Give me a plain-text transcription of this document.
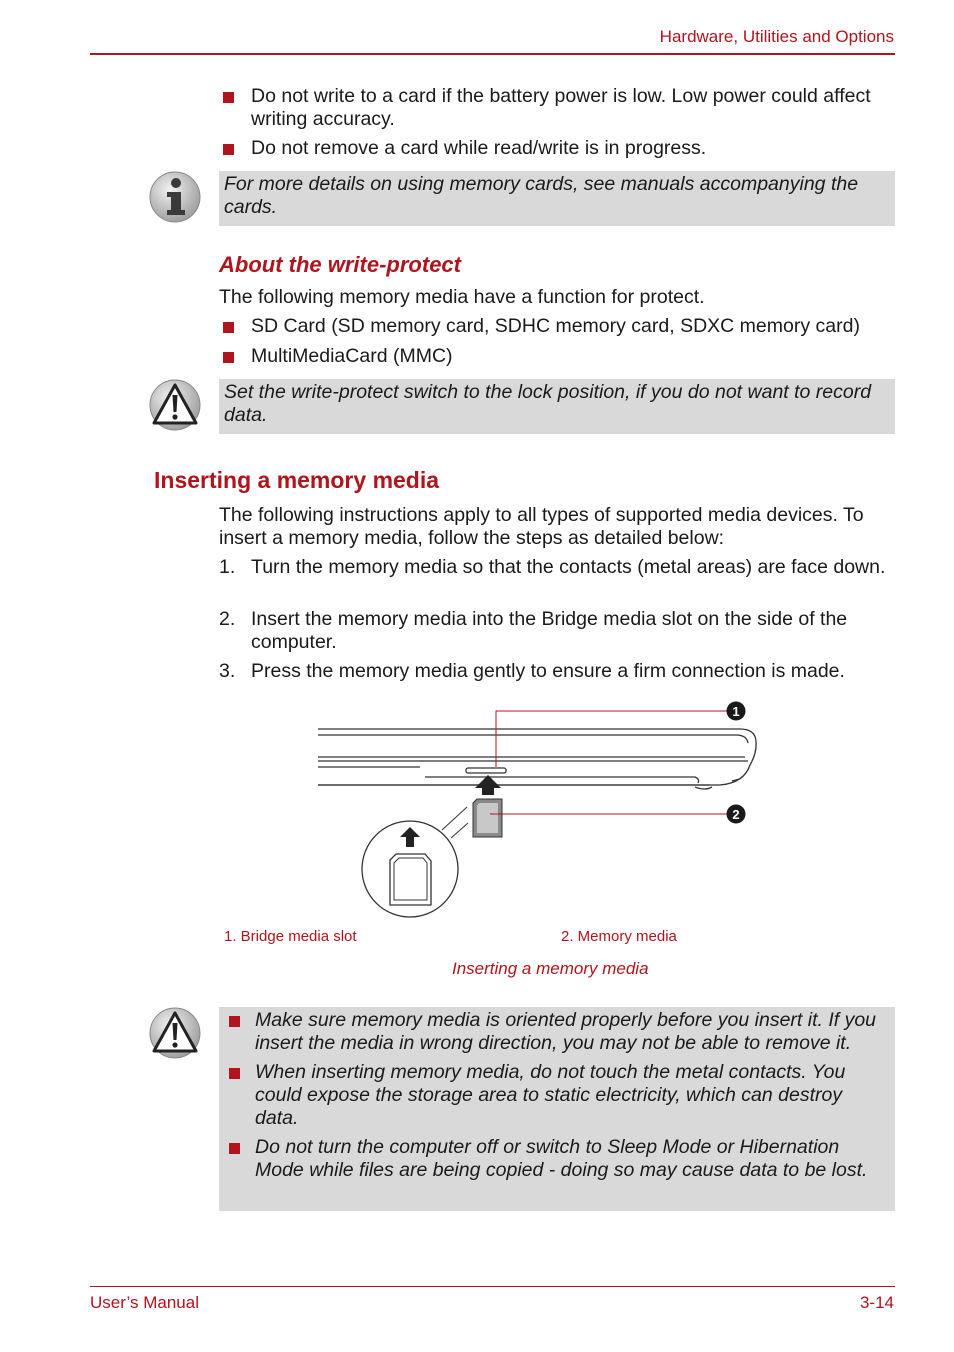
Hardware, Utilities and Options
Do not write to a card if the battery power is low. Low power could affect writing accuracy.
Do not remove a card while read/write is in progress.
For more details on using memory cards, see manuals accompanying the cards.
About the write-protect
The following memory media have a function for protect.
SD Card (SD memory card, SDHC memory card, SDXC memory card)
MultiMediaCard (MMC)
Set the write-protect switch to the lock position, if you do not want to record data.
Inserting a memory media
The following instructions apply to all types of supported media devices. To insert a memory media, follow the steps as detailed below:
1. Turn the memory media so that the contacts (metal areas) are face down.
2. Insert the memory media into the Bridge media slot on the side of the computer.
3. Press the memory media gently to ensure a firm connection is made.
1
2
1. Bridge media slot	2. Memory media
Inserting a memory media
Make sure memory media is oriented properly before you insert it. If you insert the media in wrong direction, you may not be able to remove it.
When inserting memory media, do not touch the metal contacts. You could expose the storage area to static electricity, which can destroy data.
Do not turn the computer off or switch to Sleep Mode or Hibernation Mode while files are being copied - doing so may cause data to be lost.
User’s Manual	3-14
